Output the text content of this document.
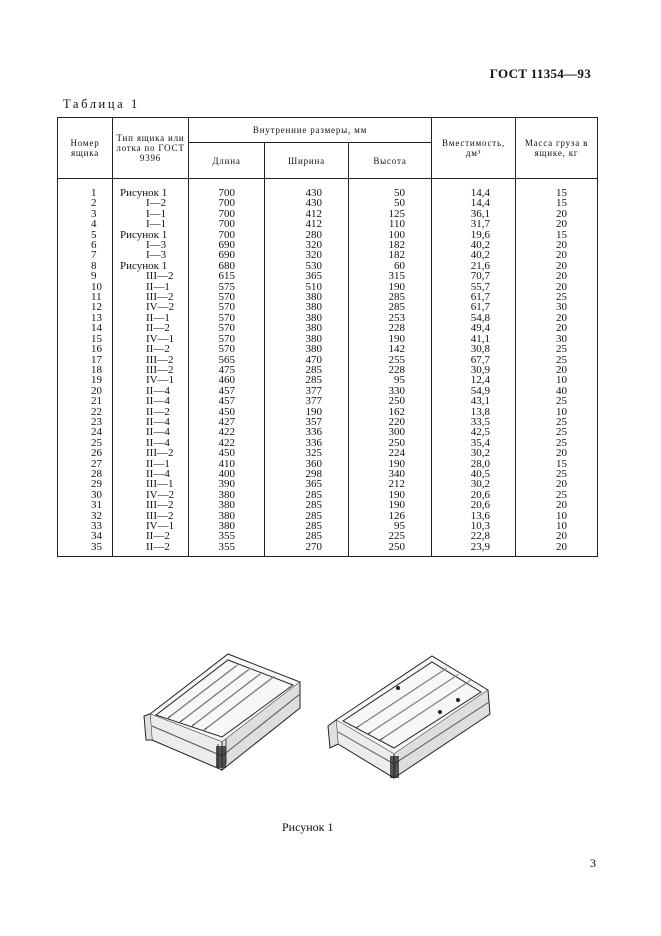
ГОСТ 11354—93
Таблица 1
Номер ящика	Тип ящика или лотка по ГОСТ 9396	Внутренние размеры, мм			Вместимость, дм³	Масса груза в ящике, кг
		Длина	Ширина	Высота		
1	Рисунок 1	700	430	50	14,4	15
2	I—2	700	430	50	14,4	15
3	I—1	700	412	125	36,1	20
4	I—1	700	412	110	31,7	20
5	Рисунок 1	700	280	100	19,6	15
6	I—3	690	320	182	40,2	20
7	I—3	690	320	182	40,2	20
8	Рисунок 1	680	530	60	21,6	20
9	III—2	615	365	315	70,7	20
10	II—1	575	510	190	55,7	20
11	III—2	570	380	285	61,7	25
12	IV—2	570	380	285	61,7	30
13	II—1	570	380	253	54,8	20
14	II—2	570	380	228	49,4	20
15	IV—1	570	380	190	41,1	30
16	II—2	570	380	142	30,8	25
17	III—2	565	470	255	67,7	25
18	III—2	475	285	228	30,9	20
19	IV—1	460	285	95	12,4	10
20	II—4	457	377	330	54,9	40
21	II—4	457	377	250	43,1	25
22	II—2	450	190	162	13,8	10
23	II—4	427	357	220	33,5	25
24	II—4	422	336	300	42,5	25
25	II—4	422	336	250	35,4	25
26	III—2	450	325	224	30,2	20
27	II—1	410	360	190	28,0	15
28	II—4	400	298	340	40,5	25
29	III—1	390	365	212	30,2	20
30	IV—2	380	285	190	20,6	25
31	III—2	380	285	190	20,6	20
32	III—2	380	285	126	13,6	10
33	IV—1	380	285	95	10,3	10
34	II—2	355	285	225	22,8	20
35	II—2	355	270	250	23,9	20
Рисунок 1
3
